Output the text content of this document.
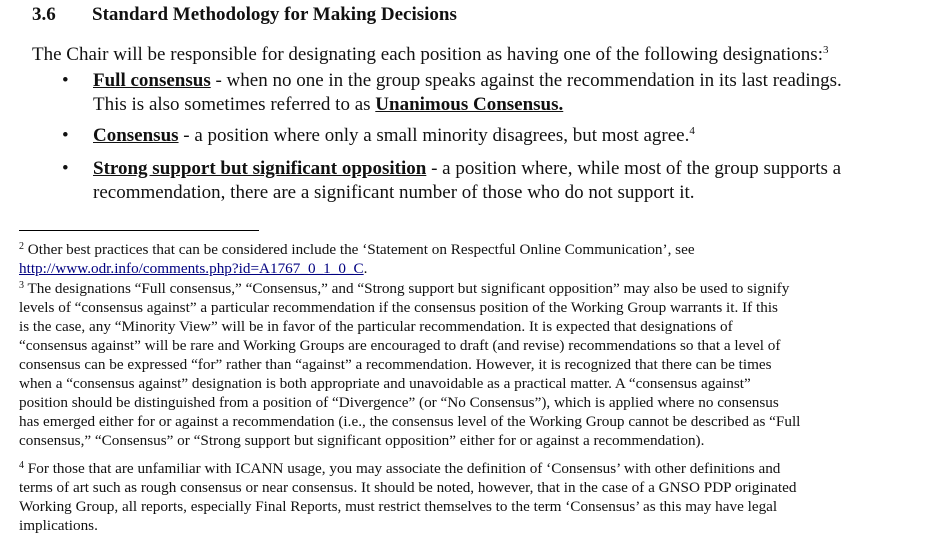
3.6 Standard Methodology for Making Decisions
The Chair will be responsible for designating each position as having one of the following designations:$^3$
• Full consensus - when no one in the group speaks against the recommendation in its last readings.
This is also sometimes referred to as Unanimous Consensus.
• Consensus - a position where only a small minority disagrees, but most agree.$^4$
• Strong support but significant opposition - a position where, while most of the group supports a
recommendation, there are a significant number of those who do not support it.
$^2$ Other best practices that can be considered include the ‘Statement on Respectful Online Communication’, see
http://www.odr.info/comments.php?id=A1767_0_1_0_C.
$^3$ The designations “Full consensus,” “Consensus,” and “Strong support but significant opposition” may also be used to signify
levels of “consensus against” a particular recommendation if the consensus position of the Working Group warrants it. If this
is the case, any “Minority View” will be in favor of the particular recommendation. It is expected that designations of
“consensus against” will be rare and Working Groups are encouraged to draft (and revise) recommendations so that a level of
consensus can be expressed “for” rather than “against” a recommendation. However, it is recognized that there can be times
when a “consensus against” designation is both appropriate and unavoidable as a practical matter. A “consensus against”
position should be distinguished from a position of “Divergence” (or “No Consensus”), which is applied where no consensus
has emerged either for or against a recommendation (i.e., the consensus level of the Working Group cannot be described as “Full
consensus,” “Consensus” or “Strong support but significant opposition” either for or against a recommendation).
$^4$ For those that are unfamiliar with ICANN usage, you may associate the definition of ‘Consensus’ with other definitions and
terms of art such as rough consensus or near consensus. It should be noted, however, that in the case of a GNSO PDP originated
Working Group, all reports, especially Final Reports, must restrict themselves to the term ‘Consensus’ as this may have legal
implications.
